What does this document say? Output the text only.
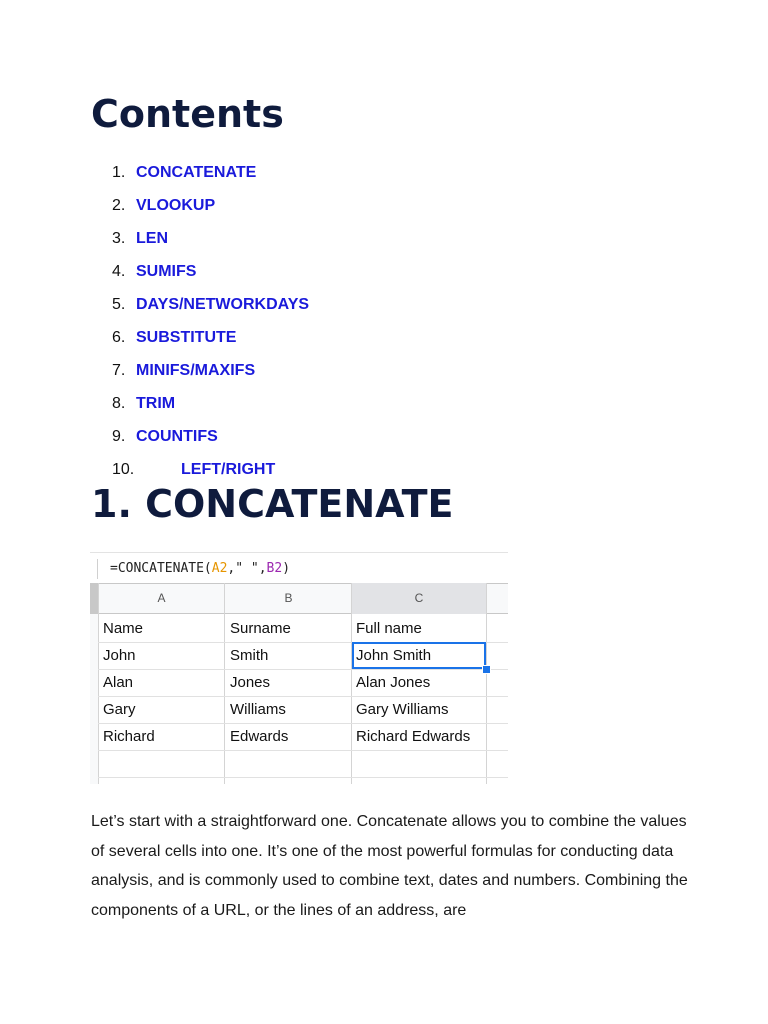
Contents
1. CONCATENATE
2. VLOOKUP
3. LEN
4. SUMIFS
5. DAYS/NETWORKDAYS
6. SUBSTITUTE
7. MINIFS/MAXIFS
8. TRIM
9. COUNTIFS
10.	LEFT/RIGHT
1. CONCATENATE
=CONCATENATE(A2," ",B2)
A	B	C
Name	Surname	Full name
John	Smith	John Smith
Alan	Jones	Alan Jones
Gary	Williams	Gary Williams
Richard	Edwards	Richard Edwards

Let’s start with a straightforward one. Concatenate allows you to combine the values of several cells into one. It’s one of the most powerful formulas for conducting data analysis, and is commonly used to combine text, dates and numbers. Combining the components of a URL, or the lines of an address, are
